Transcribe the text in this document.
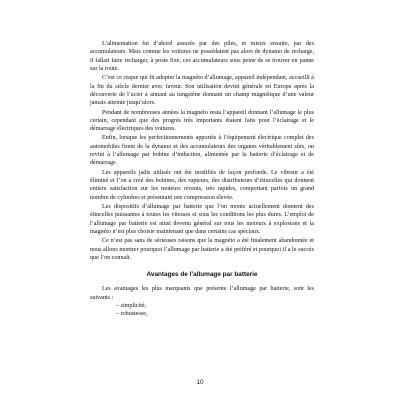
L’alimentation fut d’abord assurée par des piles, et mieux ensuite, par des accumulateurs. Mais comme les voitures ne possédaient pas alors de dynamo de recharge, il fallait faire recharger, à poste fixe, ces accumulateurs sous peine de se trouver en panne sur la route.

C’est ce risque qui fit adopter la magnéto d’allumage, appareil indépendant, accueilli à la fin du siècle dernier avec faveur. Son utilisation devint générale en Europe après la découverte de l’acier à aimant au tungstène donnant un champ magnétique d’une valeur jamais atteinte jusqu’alors.

Pendant de nombreuses années la magnéto resta l’appareil donnant l’allumage le plus certain, cependant que des progrès très importants étaient faits pour l’éclairage et le démarrage électriques des voitures.

Enfin, lorsque les perfectionnements apportés à l’équipement électrique complet des automobiles firent de la dynamo et des accumulateurs des organes véritablement sûrs, on revint à l’allumage par bobine d’induction, alimentée par la batterie d’éclairage et de démarrage.

Les appareils jadis utilisés ont été modifiés de façon profonde. Le vibreur a été éliminé et l’on a créé des bobines, des rupteurs, des distributeurs d’étincelles qui donnent entière satisfaction sur les moteurs récents, très rapides, comportant parfois un grand nombre de cylindres et présentant une compression élevée.

Les dispositifs d’allumage par batterie que l’on monte actuellement donnent des étincelles puissantes à toutes les vitesses et sous les conditions les plus dures. L’emploi de l’allumage par batterie est ainsi devenu général sur tous les moteurs à explosions et la magnéto n’est plus choisie maintenant que dans certains cas spéciaux.

Ce n’est pas sans de sérieuses raisons que la magnéto a été finalement abandonnée et nous allons montrer pourquoi l’allumage par batterie a été préféré et pourquoi il a le succès que l’on connaît.

Avantages de l’allumage par batterie

Les avantages les plus marquants que présente l’allumage par batterie, sont les suivants :

– simplicité,
– robustesse,
10
